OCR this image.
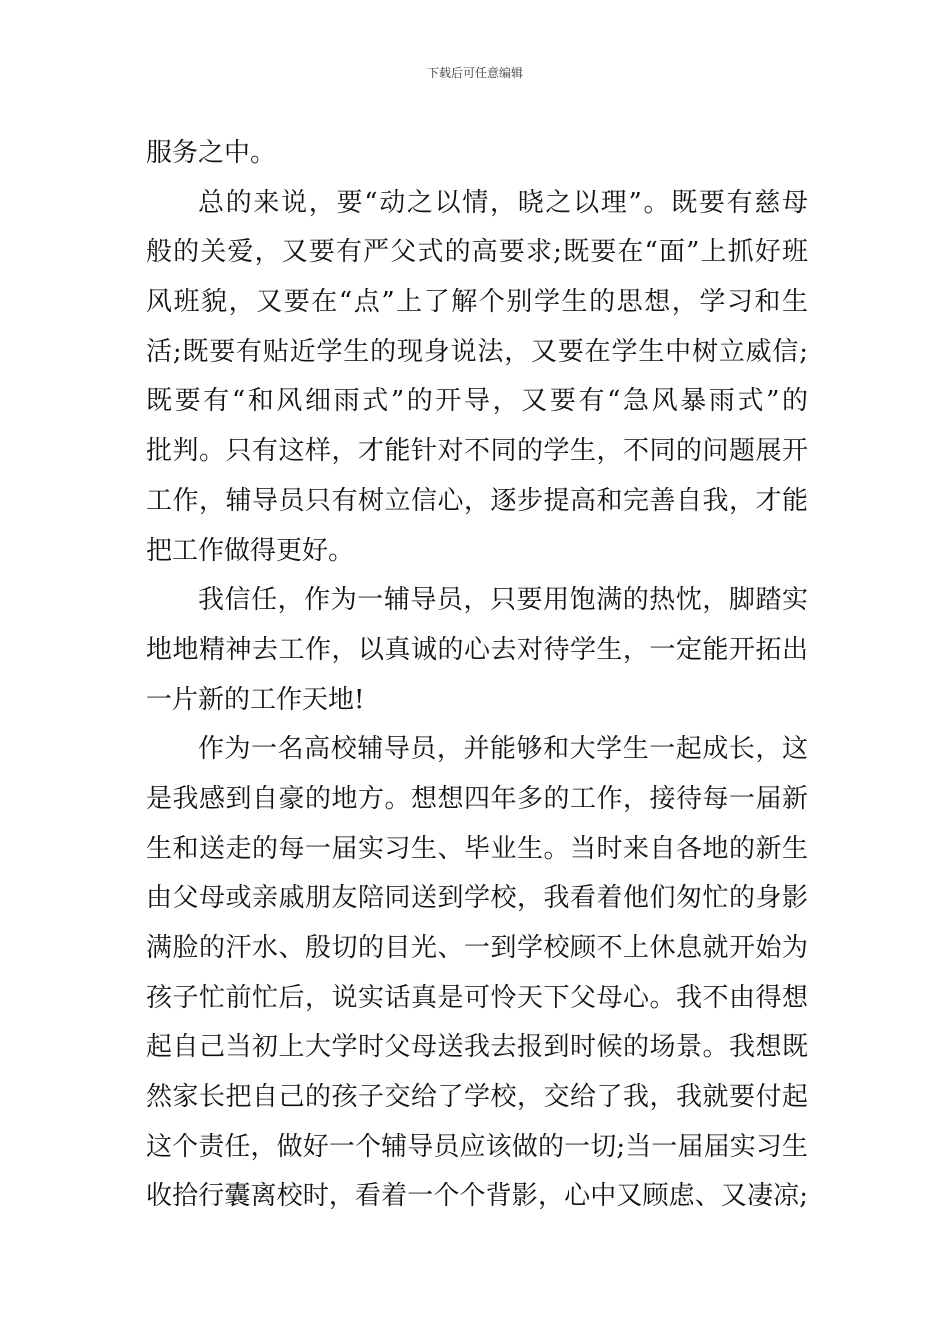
下载后可任意编辑
服务之中。
总的来说，要“动之以情，晓之以理”。既要有慈母
般的关爱，又要有严父式的高要求;既要在“面”上抓好班
风班貌，又要在“点”上了解个别学生的思想，学习和生
活;既要有贴近学生的现身说法，又要在学生中树立威信;
既要有“和风细雨式”的开导，又要有“急风暴雨式”的
批判。只有这样，才能针对不同的学生，不同的问题展开
工作，辅导员只有树立信心，逐步提高和完善自我，才能
把工作做得更好。
我信任，作为一辅导员，只要用饱满的热忱，脚踏实
地地精神去工作，以真诚的心去对待学生，一定能开拓出
一片新的工作天地!
作为一名高校辅导员，并能够和大学生一起成长，这
是我感到自豪的地方。想想四年多的工作，接待每一届新
生和送走的每一届实习生、毕业生。当时来自各地的新生
由父母或亲戚朋友陪同送到学校，我看着他们匆忙的身影
满脸的汗水、殷切的目光、一到学校顾不上休息就开始为
孩子忙前忙后，说实话真是可怜天下父母心。我不由得想
起自己当初上大学时父母送我去报到时候的场景。我想既
然家长把自己的孩子交给了学校，交给了我，我就要付起
这个责任，做好一个辅导员应该做的一切;当一届届实习生
收拾行囊离校时，看着一个个背影，心中又顾虑、又凄凉;
